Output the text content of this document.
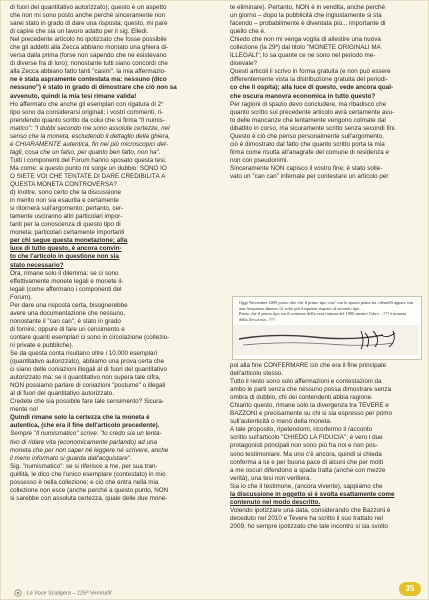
di fuori del quantitativo autorizzato); questo è un aspetto
che non mi sono posto anche perché sinceramente non
sarei stato in grado di dare una risposta; questo, mi pare
di capire che sia un lavoro adatto per il sig. Elledi.
Nel precedente articolo ho ipotizzato che fosse possibile
che gli addetti alla Zecca abbiano montato una ghiera di-
versa dalla prima (forse non sapendo che ne esistevano
di diverse fra di loro); nonostante tutti siano concordi che
alla Zecca abbiano fatto tanti "casini", la mia affermazio-
ne è stata aspramente contestata ma: nessuno (dico
nessuno") è stato in grado di dimostrare che ciò non sa
avvenuto, quindi la mia tesi rimane valida!
Ho affermato che anche gli esemplari con rigatura di 2°
tipo sono da considerarsi originali; i vostri commenti, ri-
prendendo quanto scritto da colui che si firma "Il numis-
matico": "I dubbi secondo me sono assolute certezze, nel
senso che la moneta, escludendo il dettaglio della ghiera,
è CHIARAMENTE autentica, fin nei più microscopici det-
tagli, cosa che un falso, per quanto ben fatto, non ha".
Tutti i componenti del Forum hanno sposato questa tesi.
Ma come: a questo punto mi sorge un dubbio: SONO IO
O SIETE VOI CHE TENTATE DI DARE CREDIBILITÀ A
QUESTA MONETA CONTROVERSA?
d) Inoltre, sono certo che la discussione
in merito non sia esaurita e certamente
si ritornerà sull'argomento; pertanto, cer-
tamente usciranno altri particolari impor-
tanti per la conoscenza di questo tipo di
moneta; particolari certamente importanti
per chi segue questa monetazione; alla
luce di tutto questo, è ancora convin-
to che l'articolo in questione non sia
stato necessario?
Ora, rimane solo il dilemma: se ci sono
effettivamente monete legali e monete il-
legali (come affermano i componenti del
Forum).
Per dare una risposta certa, bisognerebbe
avere una documentazione che nessuno,
nonostante il "can can", è stato in grado
di fornire; oppure di fare un censimento e
contare quanti esemplari ci sono in circolazione (collezio-
ni private e pubbliche).
Se da questa conta risultano oltre i 10.000 esemplari
(quantitativo autorizzato), abbiamo una prova certa che
ci siano delle coniazioni illegali al di fuori del quantitativo
autorizzato ma: se il quantitativo non supera tale cifra,
NON possiamo parlare di coniazioni "postume" o illegali
al di fuori del quantitativo autorizzato.
Credete che sia possibile fare tale censimento? Sicura-
mente no!
Quindi rimane solo la certezza che la moneta è
autentica, (che era il fine dell'articolo precedente).
Sempre "Il numismatico" scrive: "Io credo sia un tenta-
tivo di ridare vita (economicamente parlando) ad una
moneta che per non saper né leggere né scrivere, anche
il meno informato si guarda dall'acquistare".
Sig. "numismatico": se si riferisce a me, per sua tran-
quillità, le dico che l'unico esemplare (contestato) in mio
possesso è nella collezione; e ciò che entra nella mia
collezione non esce (anche perché a questo punto, NON
si sarebbe con assoluta certezza, quale delle due mone-
te eliminare). Pertanto, NON è in vendita, anche perché
un giorno – dopo la pubblicità che ingiustamente si sta
facendo – probabilmente è diventata più... importante di
quello che è.
Chiedo che non mi venga voglia di allestire una nuova
collezione (la 29ª) dal titolo "MONETE ORIGINALI MA
ILLEGALI"; lo sa quante ce ne sono nel periodo me-
dioevale?
Questi articoli li scrivo in forma gratuita (e non può essere
differentemente vista la distribuzione gratuita del periodi-
co che li ospita); alla luce di questo, vede ancora qual-
che oscura manovra economica in tutto questo?
Per ragioni di spazio devo concludere, ma ribadisco che
quanto scritto sul precedente articolo avrà certamente avu-
to delle mancanze che lentamente vengono colmate dal
dibattito in corso, ma sicuramente scritto senza secondi fini.
Questo è ciò che penso personalmente sull'argomento,
ciò è dimostrato dal fatto che quanto scritto porta la mia
firma come risulta all'anagrafe del comune di residenza e
non con pseudonimi.
Sinceramente NON capisco il vostro fine; è stato solle-
vato un "can can" infernale per contestare un articolo per
Oggi Novembre 2009 posso dire che il primo tipo cosi' con lo spazio piano tra i dentelli appare con
una frequenza almeno 12 volte più frequente rispetto al secondo tipo.
Penso che il primo tipo sia il contorno della vera tiratura del 1906 mentre l'altro ...??? è moneta
della Zecca ma...???
poi alla fine CONFERMARE ciò che era il fine principale
dell'articolo stesso.
Tutto il resto sono solo affermazioni e contestazioni da
ambo le parti senza che nessuno possa dimostrare senza
ombra di dubbio, chi dei contendenti abbia ragione.
Chiarito questo, rimane solo la divergenza tra TEVERE e
BAZZONI e precisamente su chi si sia espresso per primo
sull'autenticità o meno della moneta.
A tale proposito, ripetendomi, ricorfermo il racconto
scritto sull'articolo "CHIEDO LA FIDUCIA"; è vero i due
protagonisti principali non sono più fra noi e non pos-
sono testimoniare. Ma uno c'è ancora, quindi si chieda
conferma a lui e per buona pace di alcuni che per molti
a me oscuri difendono a spada tratta (anche con mezze
verità), una tesi non veritiera.
Sia io che il testimone, (ancora vivente), sappiamo che
la discussione in oggetto si è svolta esattamente come
contenuto nel modo descritto.
Volendo ipotizzare una data, considerando che Bazzoni è
deceduto nel 2010 e Tevere ha scritto il suo trattato nel
2009, ho sempre ipotizzato che tale incontro si sia svolto
La Voce Scaligera – 126ª Veronafil
35
